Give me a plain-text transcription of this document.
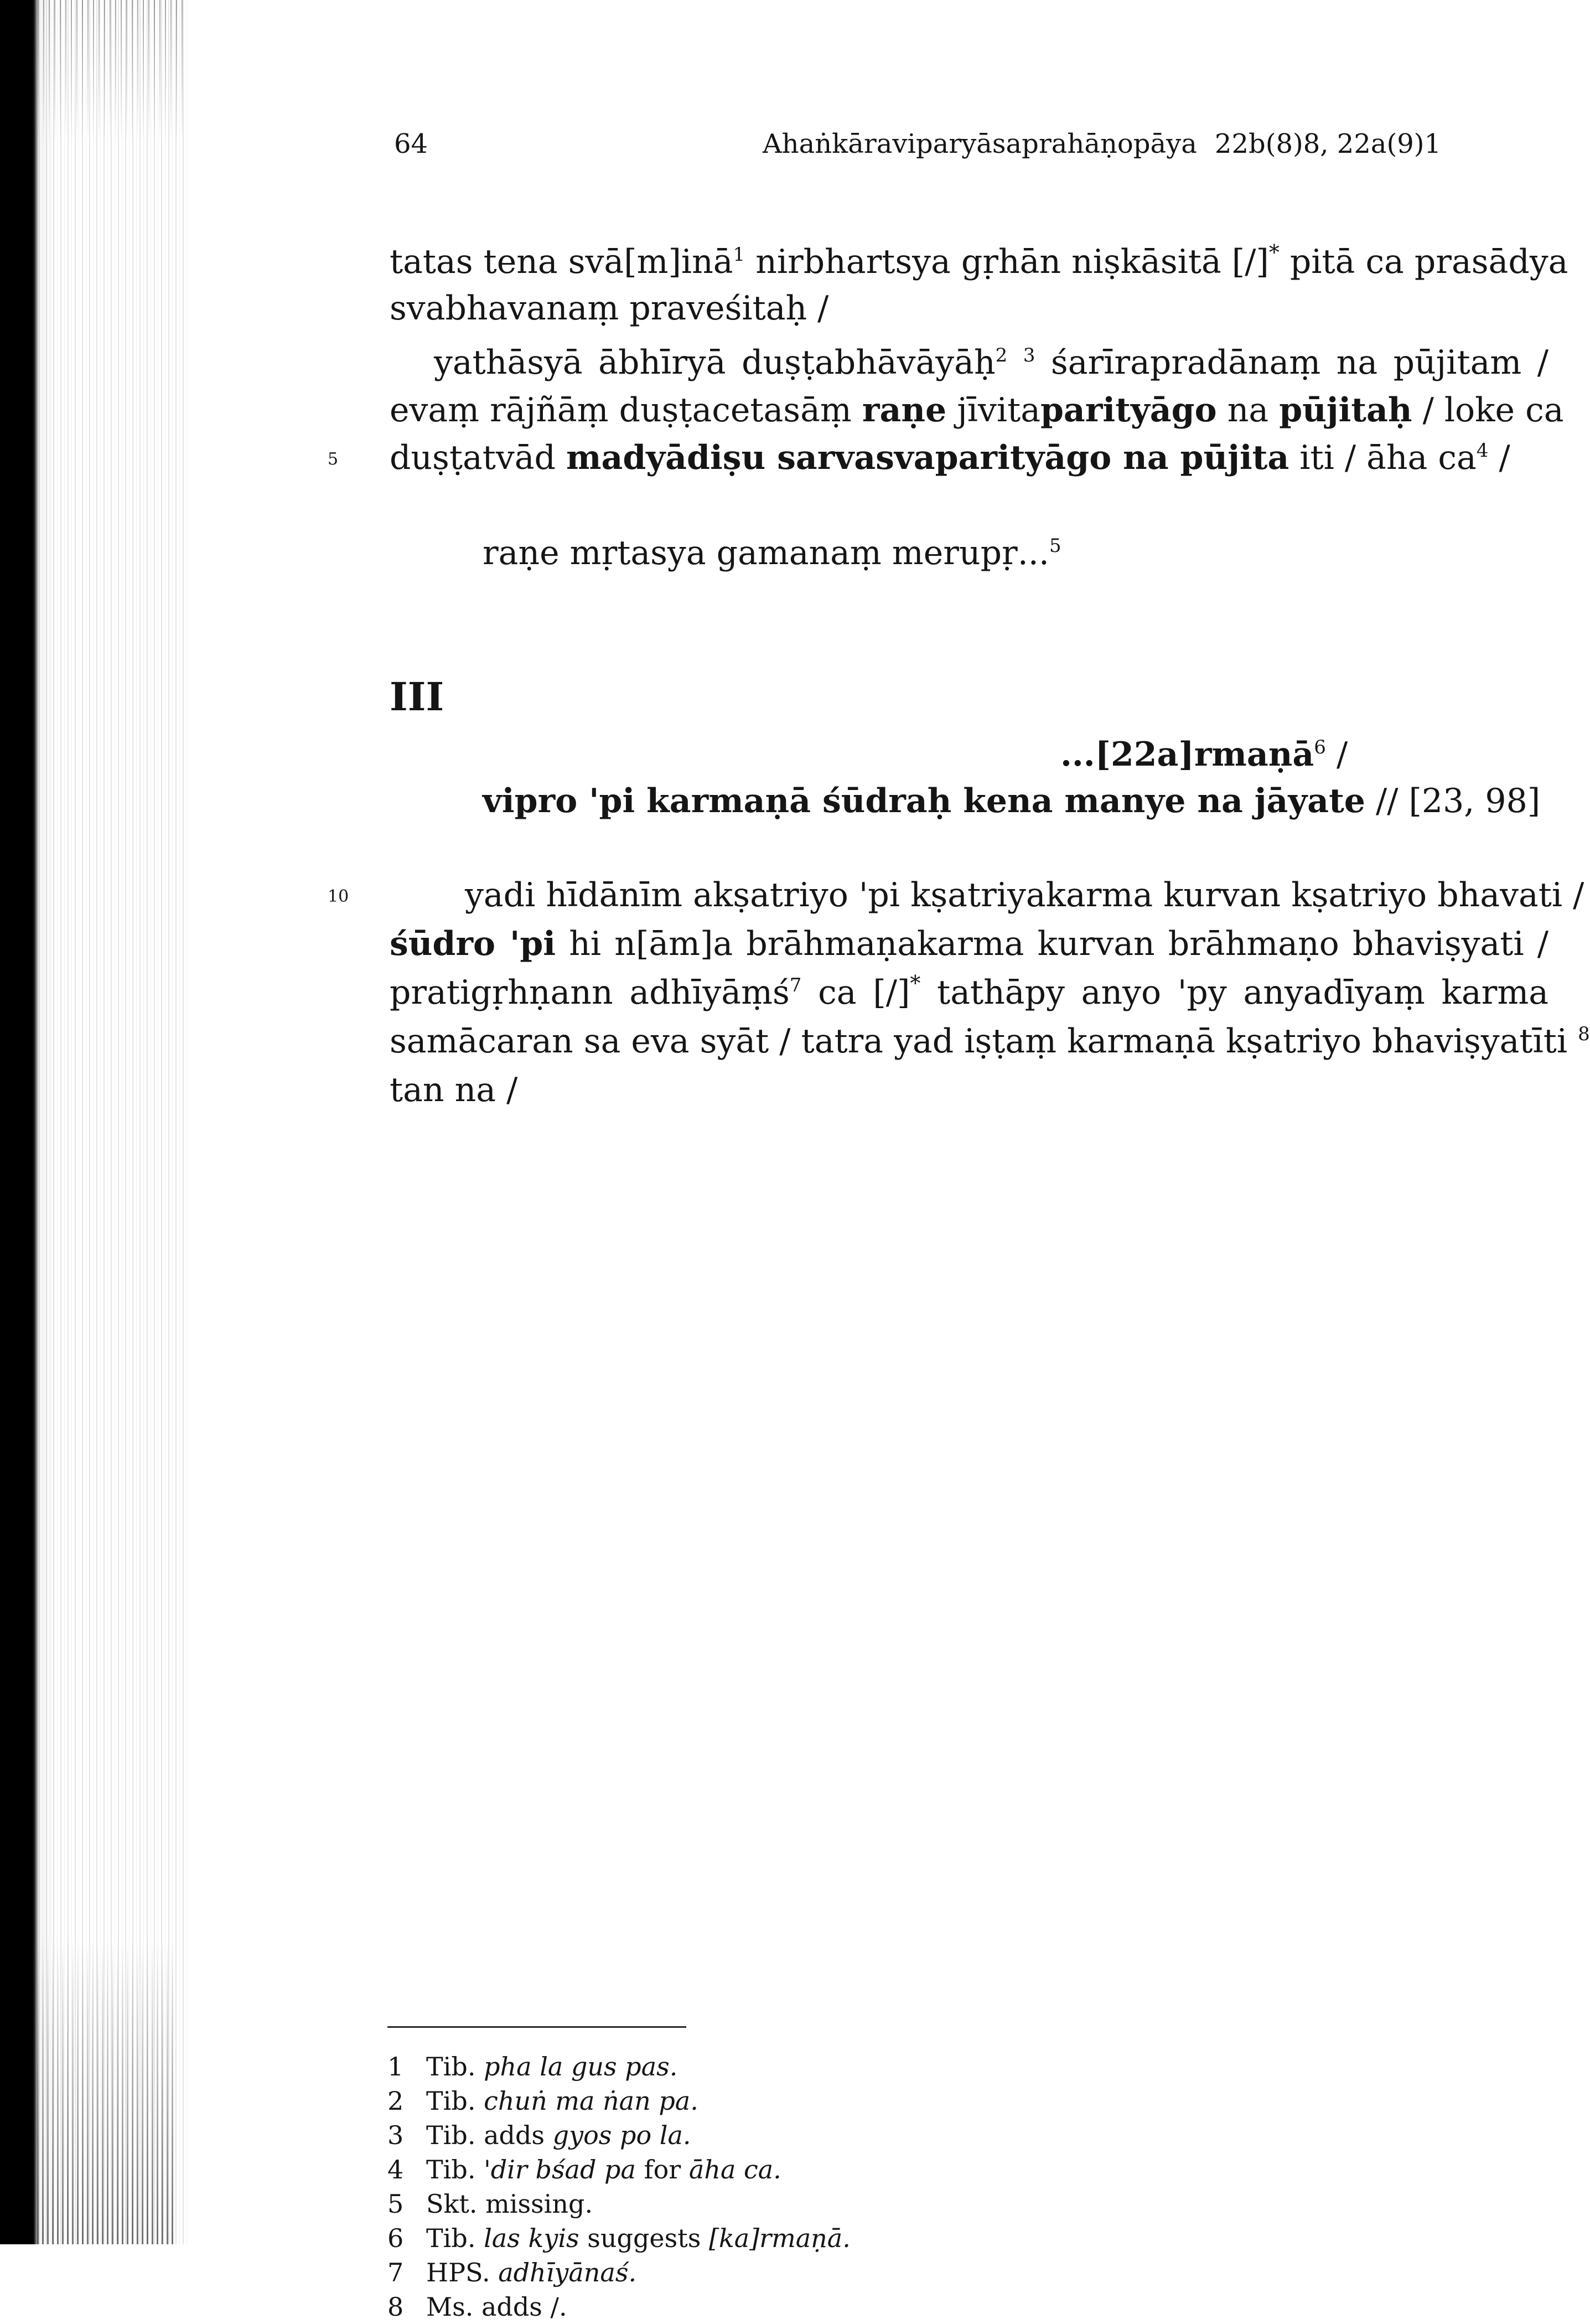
64	Ahaṅkāraviparyāsaprahāṇopāya 22b(8)8, 22a(9)1
tatas tena svā[m]inā$^1$ nirbhartsya gṛhān niṣkāsitā [/]* pitā ca prasādya
svabhavanaṃ praveśitaḥ /
yathāsyā ābhīryā duṣṭabhāvāyāḥ$^2$ $^3$ śarīrapradānaṃ na pūjitam /
evaṃ rājñāṃ duṣṭacetasāṃ raṇe jīvitaparityāgo na pūjitaḥ / loke ca
5 duṣṭatvād madyādiṣu sarvasvaparityāgo na pūjita iti / āha $ca^4$ /
raṇe mṛtasya gamanaṃ merupṛ...$^5$
III
...[22a]rmaṇā$^6$ /
vipro 'pi karmaṇā śūdraḥ kena manye na jāyate // [23, 98]
10	yadi hīdānīm akṣatriyo 'pi kṣatriyakarma kurvan kṣatriyo bhavati /
śūdro 'pi hi n[ām]a brāhmaṇakarma kurvan brāhmaṇo bhaviṣyati /
pratigṛhṇann adhīyāṃś$^7$ ca [/]* tathāpy anyo 'py anyadīyaṃ karma
samācaran sa eva syāt / tatra yad iṣṭaṃ karmaṇā kṣatriyo bhaviṣyatīti $^8$
tan na /
1 Tib. pha la gus pas.
2 Tib. chuṅ ma ṅan pa.
3 Tib. adds gyos po la.
4 Tib. 'dir bśad pa for āha ca.
5 Skt. missing.
6 Tib. las kyis suggests [ka]rmaṇā.
7 HPS. adhīyānaś.
8 Ms. adds /.
